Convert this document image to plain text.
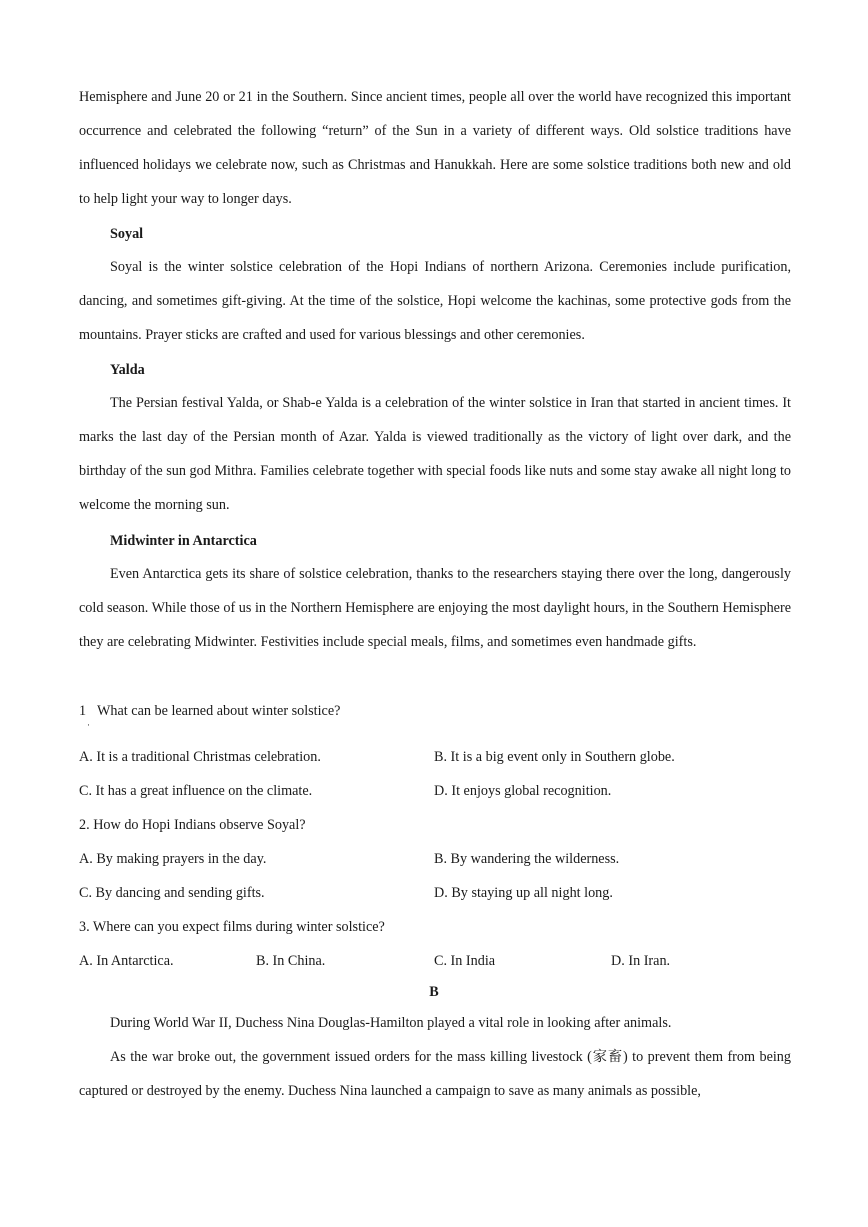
Hemisphere and June 20 or 21 in the Southern. Since ancient times, people all over the world have recognized this important occurrence and celebrated the following “return” of the Sun in a variety of different ways. Old solstice traditions have influenced holidays we celebrate now, such as Christmas and Hanukkah. Here are some solstice traditions both new and old to help light your way to longer days.
Soyal
Soyal is the winter solstice celebration of the Hopi Indians of northern Arizona. Ceremonies include purification, dancing, and sometimes gift-giving. At the time of the solstice, Hopi welcome the kachinas, some protective gods from the mountains. Prayer sticks are crafted and used for various blessings and other ceremonies.
Yalda
The Persian festival Yalda, or Shab-e Yalda is a celebration of the winter solstice in Iran that started in ancient times. It marks the last day of the Persian month of Azar. Yalda is viewed traditionally as the victory of light over dark, and the birthday of the sun god Mithra. Families celebrate together with special foods like nuts and some stay awake all night long to welcome the morning sun.
Midwinter in Antarctica
Even Antarctica gets its share of solstice celebration, thanks to the researchers staying there over the long, dangerously cold season. While those of us in the Northern Hemisphere are enjoying the most daylight hours, in the Southern Hemisphere they are celebrating Midwinter. Festivities include special meals, films, and sometimes even handmade gifts.
1
·
What can be learned about winter solstice?
A. It is a traditional Christmas celebration.	B. It is a big event only in Southern globe.
C. It has a great influence on the climate.	D. It enjoys global recognition.
2. How do Hopi Indians observe Soyal?
A. By making prayers in the day.	B. By wandering the wilderness.
C. By dancing and sending gifts.	D. By staying up all night long.
3. Where can you expect films during winter solstice?
A. In Antarctica.	B. In China.	C. In India	D. In Iran.
B
During World War II, Duchess Nina Douglas-Hamilton played a vital role in looking after animals.
As the war broke out, the government issued orders for the mass killing livestock (家畜) to prevent them from being captured or destroyed by the enemy. Duchess Nina launched a campaign to save as many animals as possible,
